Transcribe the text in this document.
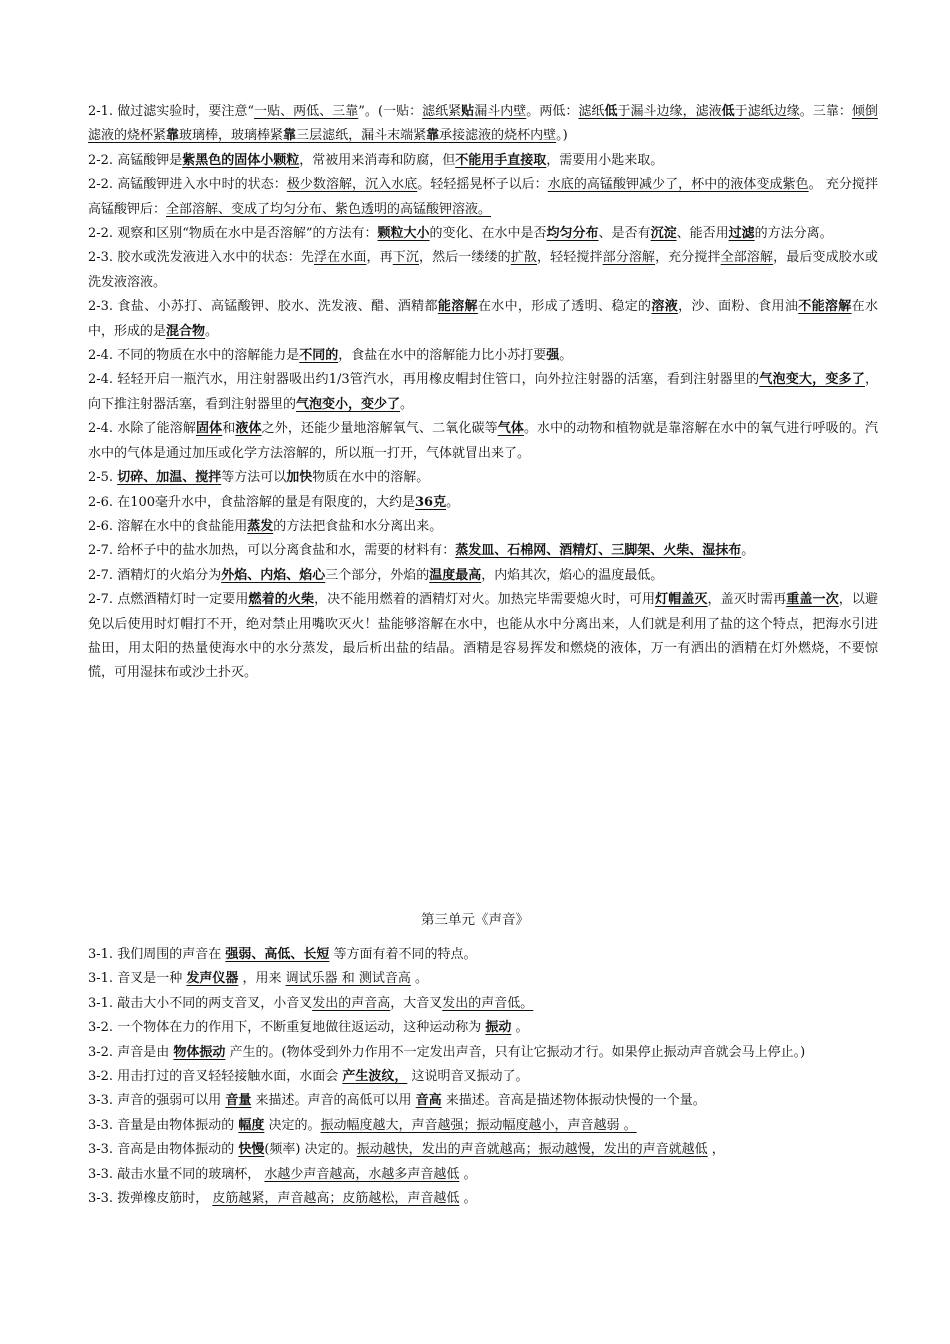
2-1. 做过滤实验时，要注意“一贴、两低、三靠”。(一贴：滤纸紧贴漏斗内壁。两低：滤纸低于漏斗边缘，滤液低于滤纸边缘。三靠：倾倒滤液的烧杯紧靠玻璃棒，玻璃棒紧靠三层滤纸，漏斗末端紧靠承接滤液的烧杯内壁。)

2-2. 高锰酸钾是紫黑色的固体小颗粒，常被用来消毒和防腐，但不能用手直接取，需要用小匙来取。

2-2. 高锰酸钾进入水中时的状态：极少数溶解，沉入水底。轻轻摇晃杯子以后：水底的高锰酸钾减少了，杯中的液体变成紫色。 充分搅拌高锰酸钾后：全部溶解、变成了均匀分布、紫色透明的高锰酸钾溶液。

2-2. 观察和区别“物质在水中是否溶解”的方法有：颗粒大小的变化、在水中是否均匀分布、是否有沉淀、能否用过滤的方法分离。

2-3. 胶水或洗发液进入水中的状态：先浮在水面，再下沉，然后一缕缕的扩散，轻轻搅拌部分溶解，充分搅拌全部溶解，最后变成胶水或洗发液溶液。

2-3. 食盐、小苏打、高锰酸钾、胶水、洗发液、醋、酒精都能溶解在水中，形成了透明、稳定的溶液，沙、面粉、食用油不能溶解在水中，形成的是混合物。

2-4. 不同的物质在水中的溶解能力是不同的，食盐在水中的溶解能力比小苏打要强。

2-4. 轻轻开启一瓶汽水，用注射器吸出约1/3管汽水，再用橡皮帽封住管口，向外拉注射器的活塞，看到注射器里的气泡变大，变多了，向下推注射器活塞，看到注射器里的气泡变小，变少了。

2-4. 水除了能溶解固体和液体之外，还能少量地溶解氧气、二氧化碳等气体。水中的动物和植物就是靠溶解在水中的氧气进行呼吸的。汽水中的气体是通过加压或化学方法溶解的，所以瓶一打开，气体就冒出来了。

2-5. 切碎、加温、搅拌等方法可以加快物质在水中的溶解。

2-6. 在100毫升水中，食盐溶解的量是有限度的，大约是36克。

2-6. 溶解在水中的食盐能用蒸发的方法把食盐和水分离出来。

2-7. 给杯子中的盐水加热，可以分离食盐和水，需要的材料有：蒸发皿、石棉网、酒精灯、三脚架、火柴、湿抹布。

2-7. 酒精灯的火焰分为外焰、内焰、焰心三个部分，外焰的温度最高，内焰其次，焰心的温度最低。

2-7. 点燃酒精灯时一定要用燃着的火柴，决不能用燃着的酒精灯对火。加热完毕需要熄火时，可用灯帽盖灭，盖灭时需再重盖一次，以避免以后使用时灯帽打不开，绝对禁止用嘴吹灭火！盐能够溶解在水中，也能从水中分离出来，人们就是利用了盐的这个特点，把海水引进盐田，用太阳的热量使海水中的水分蒸发，最后析出盐的结晶。酒精是容易挥发和燃烧的液体，万一有洒出的酒精在灯外燃烧，不要惊慌，可用湿抹布或沙土扑灭。

第三单元《声音》

3-1. 我们周围的声音在 强弱、高低、长短 等方面有着不同的特点。

3-1. 音叉是一种 发声仪器 ，用来 调试乐器 和 测试音高 。

3-1. 敲击大小不同的两支音叉，小音叉发出的声音高，大音叉发出的声音低。

3-2. 一个物体在力的作用下，不断重复地做往返运动，这种运动称为 振动 。

3-2. 声音是由 物体振动 产生的。(物体受到外力作用不一定发出声音，只有让它振动才行。如果停止振动声音就会马上停止。)

3-2. 用击打过的音叉轻轻接触水面，水面会 产生波纹， 这说明音叉振动了。

3-3. 声音的强弱可以用 音量 来描述。声音的高低可以用 音高 来描述。音高是描述物体振动快慢的一个量。

3-3. 音量是由物体振动的 幅度 决定的。振动幅度越大，声音越强；振动幅度越小，声音越弱 。

3-3. 音高是由物体振动的 快慢(频率) 决定的。振动越快，发出的声音就越高；振动越慢，发出的声音就越低 ，

3-3. 敲击水量不同的玻璃杯， 水越少声音越高，水越多声音越低 。

3-3. 拨弹橡皮筋时， 皮筋越紧，声音越高；皮筋越松，声音越低 。
